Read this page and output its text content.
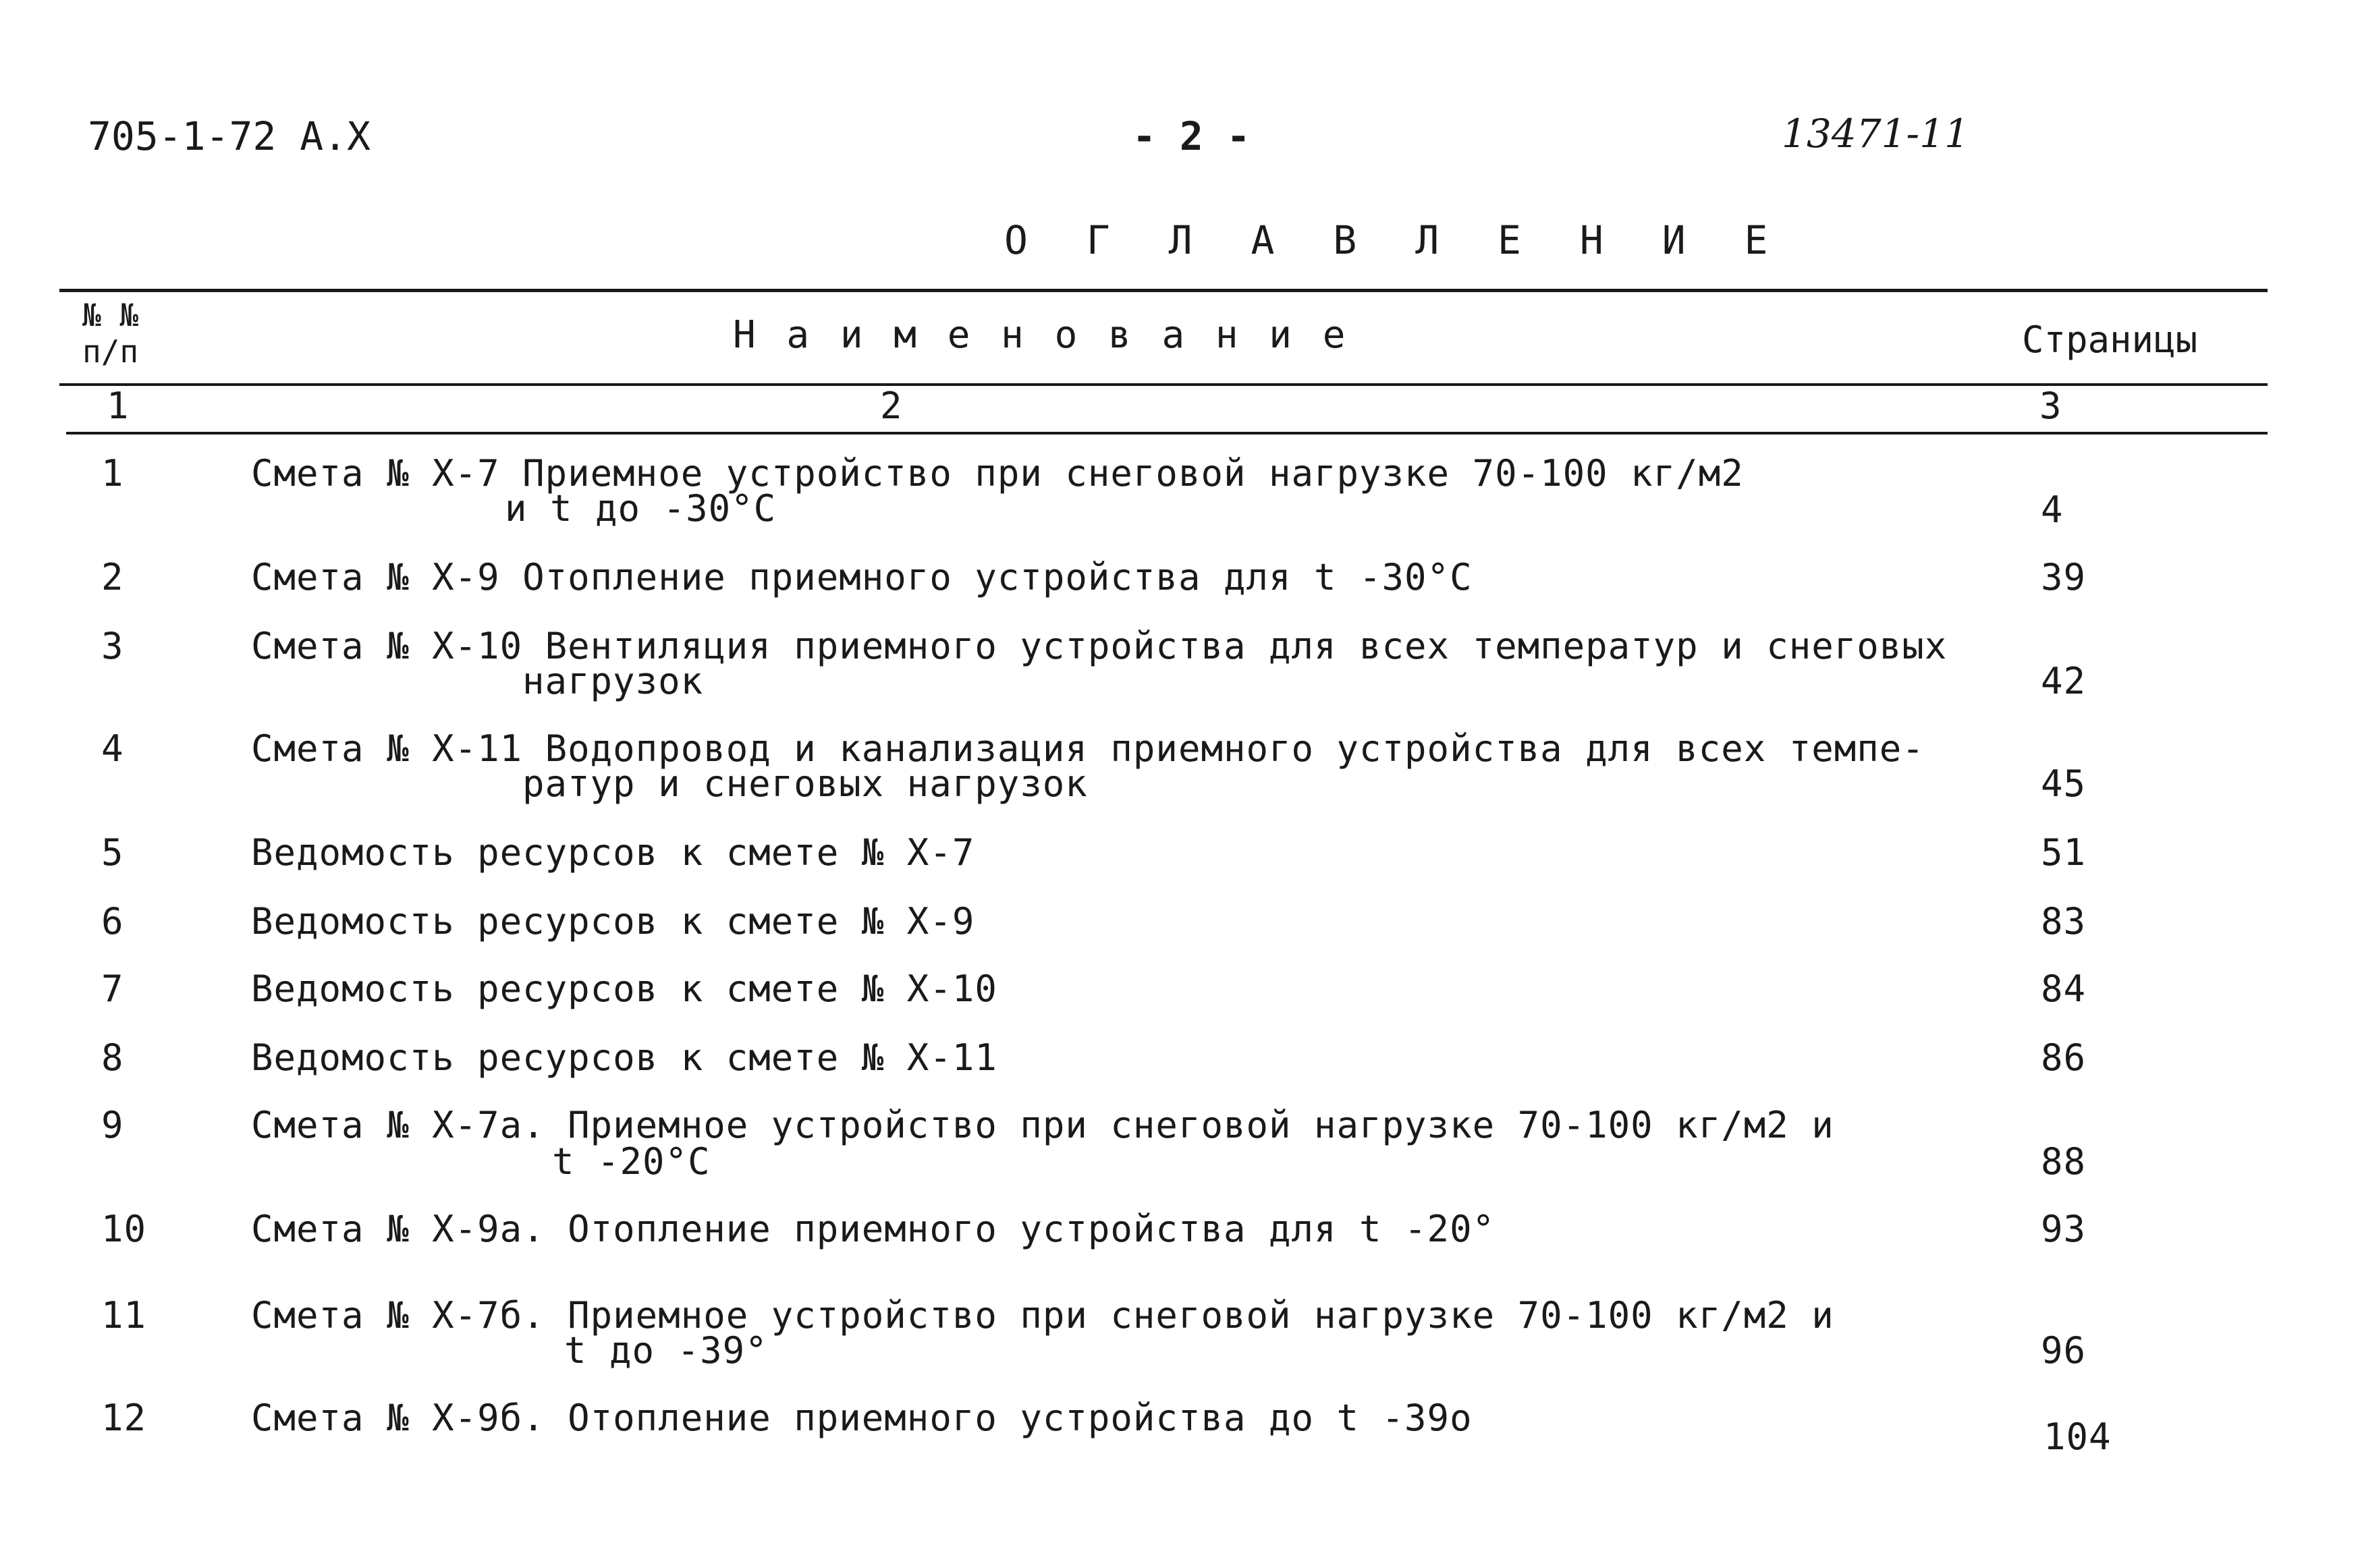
705-1-72 А.Х	- 2 -	13471-11
О Г Л А В Л Е Н И Е
№ №
п/п	Н а и м е н о в а н и е	Страницы
1	2	3
1	Смета № Х-7 Приемное устройство при снеговой нагрузке 70-100 кг/м2
и t до -30°С	4
2	Смета № Х-9 Отопление приемного устройства для t -30°С	39
3	Смета № Х-10 Вентиляция приемного устройства для всех температур и снеговых
нагрузок	42
4	Смета № Х-11 Водопровод и канализация приемного устройства для всех темпе-
ратур и снеговых нагрузок	45
5	Ведомость ресурсов к смете № Х-7	51
6	Ведомость ресурсов к смете № Х-9	83
7	Ведомость ресурсов к смете № Х-10	84
8	Ведомость ресурсов к смете № Х-11	86
9	Смета № Х-7а. Приемное устройство при снеговой нагрузке 70-100 кг/м2 и
t -20°С	88
10	Смета № Х-9а. Отопление приемного устройства для t -20°	93
11	Смета № Х-7б. Приемное устройство при снеговой нагрузке 70-100 кг/м2 и
t до -39°	96
12	Смета № Х-9б. Отопление приемного устройства до t -39о	104
